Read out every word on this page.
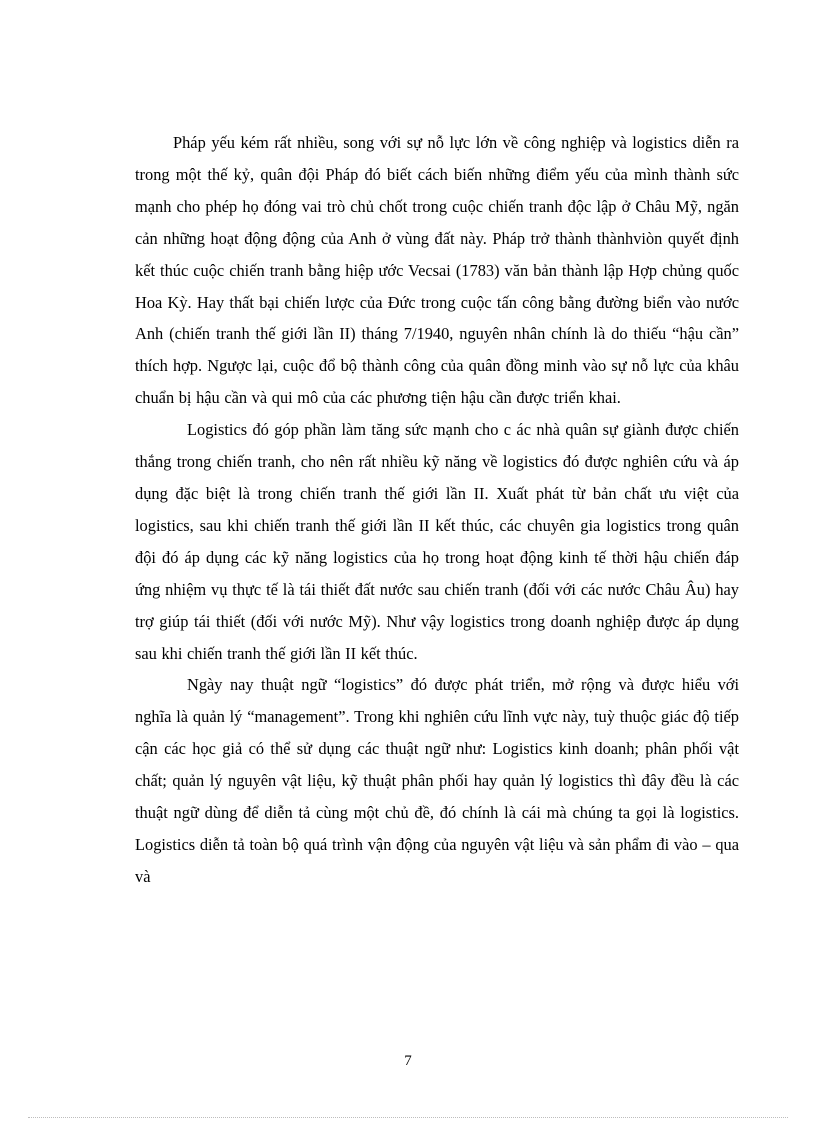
Pháp yếu kém rất nhiều, song với sự nỗ lực lớn về công nghiệp và logistics diễn ra trong một thế kỷ, quân đội Pháp đó biết cách biến những điểm yếu của mình thành sức mạnh cho phép họ đóng vai trò chủ chốt trong cuộc chiến tranh độc lập ở Châu Mỹ, ngăn cản những hoạt động động của Anh ở vùng đất này. Pháp trở thành thànhviòn quyết định kết thúc cuộc chiến tranh bằng hiệp ước Vecsai (1783) văn bản thành lập Hợp chủng quốc Hoa Kỳ. Hay thất bại chiến lược của Đức trong cuộc tấn công bằng đường biển vào nước Anh (chiến tranh thế giới lần II) tháng 7/1940, nguyên nhân chính là do thiếu “hậu cần” thích hợp. Ngược lại, cuộc đổ bộ thành công của quân đồng minh vào sự nỗ lực của khâu chuẩn bị hậu cần và qui mô của các phương tiện hậu cần được triển khai.

Logistics đó góp phần làm tăng sức mạnh cho c ác nhà quân sự giành được chiến thắng trong chiến tranh, cho nên rất nhiều kỹ năng về logistics đó được nghiên cứu và áp dụng đặc biệt là trong chiến tranh thế giới lần II. Xuất phát từ bản chất ưu việt của logistics, sau khi chiến tranh thế giới lần II kết thúc, các chuyên gia logistics trong quân đội đó áp dụng các kỹ năng logistics của họ trong hoạt động kinh tế thời hậu chiến đáp ứng nhiệm vụ thực tế là tái thiết đất nước sau chiến tranh (đối với các nước Châu Âu) hay trợ giúp tái thiết (đối với nước Mỹ). Như vậy logistics trong doanh nghiệp được áp dụng sau khi chiến tranh thế giới lần II kết thúc.

Ngày nay thuật ngữ “logistics” đó được phát triển, mở rộng và được hiểu với nghĩa là quản lý “management”. Trong khi nghiên cứu lĩnh vực này, tuỳ thuộc giác độ tiếp cận các học giả có thể sử dụng các thuật ngữ như: Logistics kinh doanh; phân phối vật chất; quản lý nguyên vật liệu, kỹ thuật phân phối hay quản lý logistics thì đây đều là các thuật ngữ dùng để diễn tả cùng một chủ đề, đó chính là cái mà chúng ta gọi là logistics. Logistics diễn tả toàn bộ quá trình vận động của nguyên vật liệu và sản phẩm đi vào – qua và

7
